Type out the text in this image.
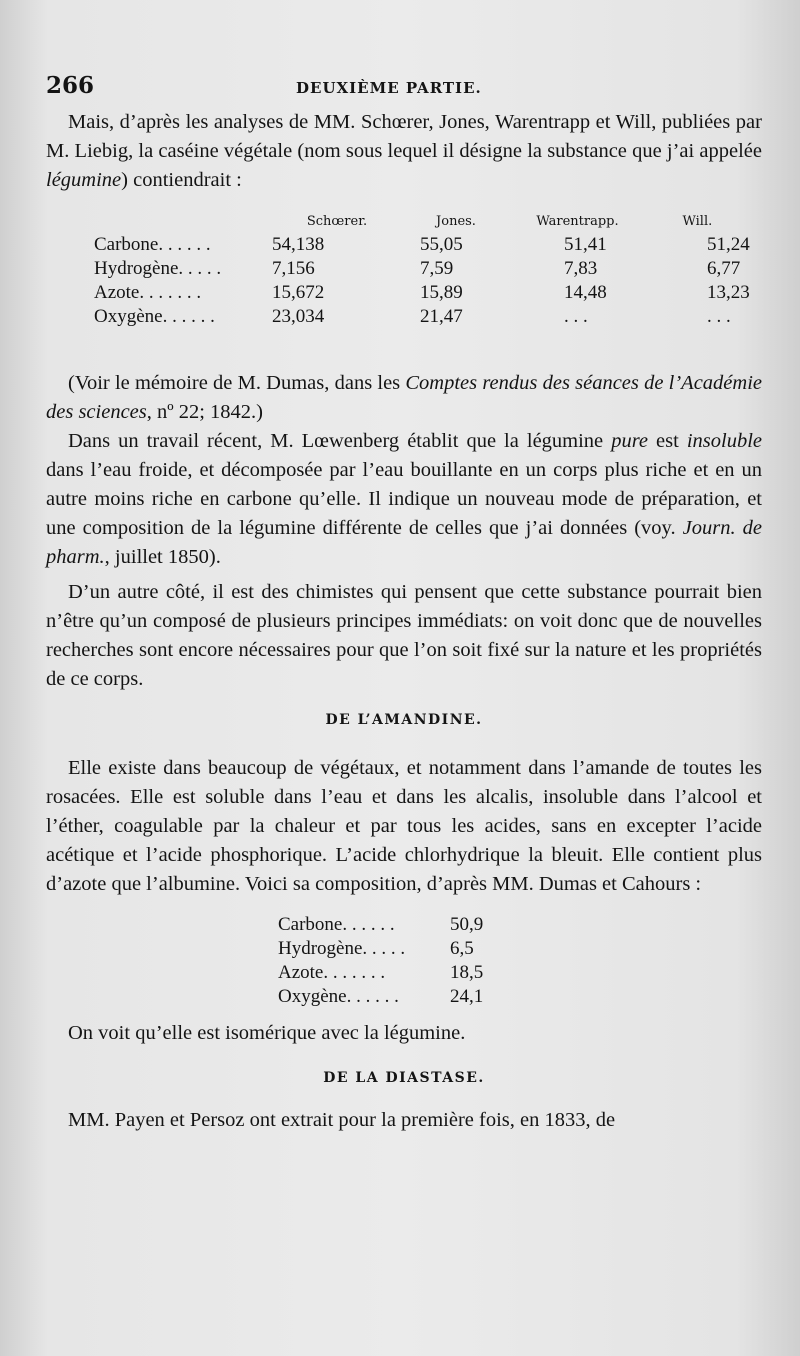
266	DEUXIÈME PARTIE.

Mais, d’après les analyses de MM. Schœrer, Jones, Warentrapp et Will, publiées par M. Liebig, la caséine végétale (nom sous lequel il désigne la substance que j’ai appelée légumine) contiendrait :

	Schœrer.	Jones.	Warentrapp.	Will.
Carbone. . . . . .	54,138	55,05	51,41	51,24
Hydrogène. . . . .	7,156	7,59	7,83	6,77
Azote. . . . . . .	15,672	15,89	14,48	13,23
Oxygène. . . . . .	23,034	21,47	. . .	. . .

(Voir le mémoire de M. Dumas, dans les Comptes rendus des séances de l’Académie des sciences, nº 22; 1842.)

Dans un travail récent, M. Lœwenberg établit que la légumine pure est insoluble dans l’eau froide, et décomposée par l’eau bouillante en un corps plus riche et en un autre moins riche en carbone qu’elle. Il indique un nouveau mode de préparation, et une composition de la légumine différente de celles que j’ai données (voy. Journ. de pharm., juillet 1850).

D’un autre côté, il est des chimistes qui pensent que cette substance pourrait bien n’être qu’un composé de plusieurs principes immédiats: on voit donc que de nouvelles recherches sont encore nécessaires pour que l’on soit fixé sur la nature et les propriétés de ce corps.

DE L’AMANDINE.

Elle existe dans beaucoup de végétaux, et notamment dans l’amande de toutes les rosacées. Elle est soluble dans l’eau et dans les alcalis, insoluble dans l’alcool et l’éther, coagulable par la chaleur et par tous les acides, sans en excepter l’acide acétique et l’acide phosphorique. L’acide chlorhydrique la bleuit. Elle contient plus d’azote que l’albumine. Voici sa composition, d’après MM. Dumas et Cahours :

Carbone. . . . . .	50,9
Hydrogène. . . . .	6,5
Azote. . . . . . .	18,5
Oxygène. . . . . .	24,1

On voit qu’elle est isomérique avec la légumine.

DE LA DIASTASE.

MM. Payen et Persoz ont extrait pour la première fois, en 1833, de
